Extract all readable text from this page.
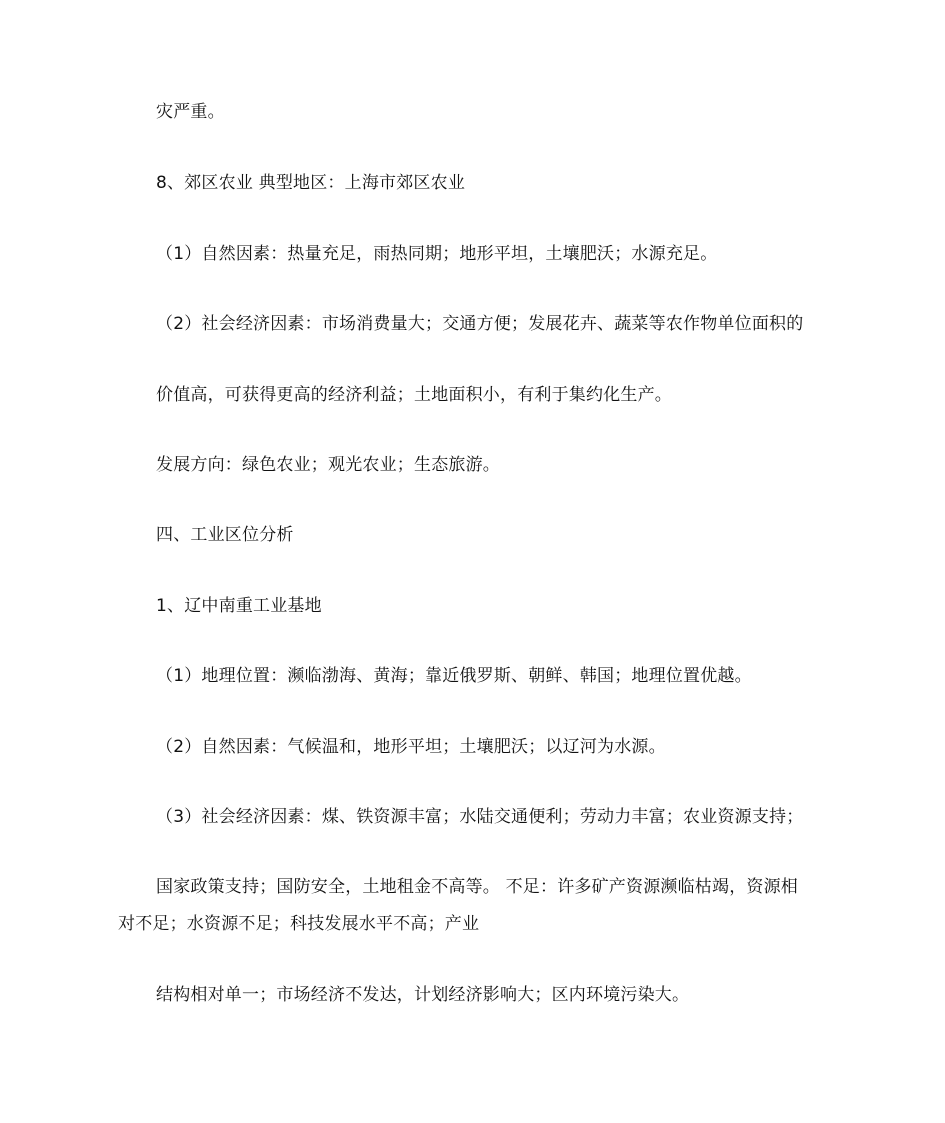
灾严重。
8、郊区农业 典型地区：上海市郊区农业
（1）自然因素：热量充足，雨热同期；地形平坦，土壤肥沃；水源充足。
（2）社会经济因素：市场消费量大；交通方便；发展花卉、蔬菜等农作物单位面积的
价值高，可获得更高的经济利益；土地面积小，有利于集约化生产。
发展方向：绿色农业；观光农业；生态旅游。
四、工业区位分析
1、辽中南重工业基地
（1）地理位置：濒临渤海、黄海；靠近俄罗斯、朝鲜、韩国；地理位置优越。
（2）自然因素：气候温和，地形平坦；土壤肥沃；以辽河为水源。
（3）社会经济因素：煤、铁资源丰富；水陆交通便利；劳动力丰富；农业资源支持；
国家政策支持；国防安全，土地租金不高等。 不足：许多矿产资源濒临枯竭，资源相
对不足；水资源不足；科技发展水平不高；产业
结构相对单一；市场经济不发达，计划经济影响大；区内环境污染大。
